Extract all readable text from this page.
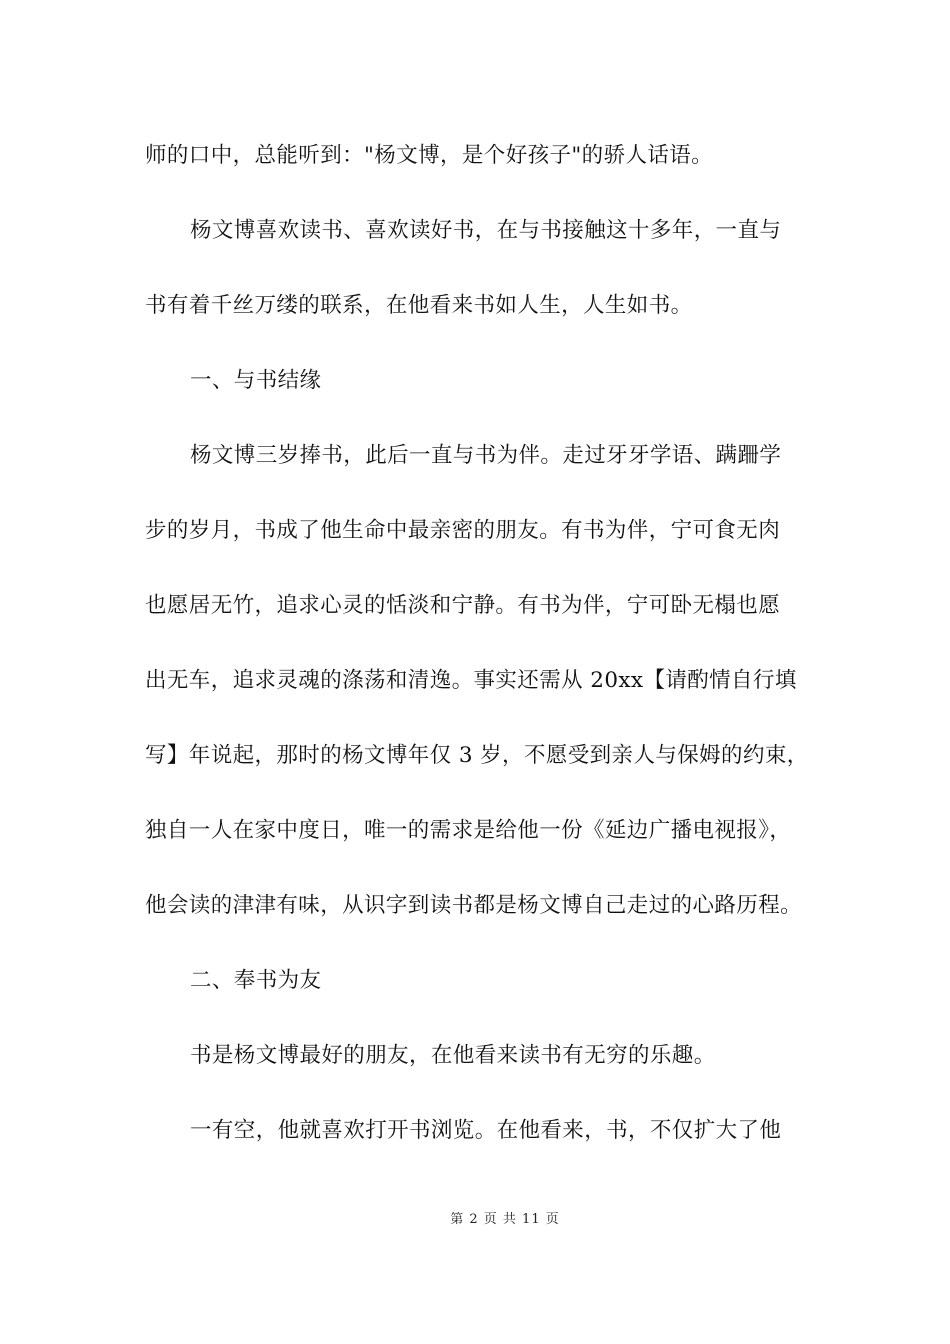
师的口中，总能听到："杨文博，是个好孩子"的骄人话语。
杨文博喜欢读书、喜欢读好书，在与书接触这十多年，一直与
书有着千丝万缕的联系，在他看来书如人生，人生如书。
一、与书结缘
杨文博三岁捧书，此后一直与书为伴。走过牙牙学语、蹒跚学
步的岁月，书成了他生命中最亲密的朋友。有书为伴，宁可食无肉
也愿居无竹，追求心灵的恬淡和宁静。有书为伴，宁可卧无榻也愿
出无车，追求灵魂的涤荡和清逸。事实还需从 20xx【请酌情自行填
写】年说起，那时的杨文博年仅 3 岁，不愿受到亲人与保姆的约束，
独自一人在家中度日，唯一的需求是给他一份《延边广播电视报》，
他会读的津津有味，从识字到读书都是杨文博自己走过的心路历程。
二、奉书为友
书是杨文博最好的朋友，在他看来读书有无穷的乐趣。
一有空，他就喜欢打开书浏览。在他看来，书，不仅扩大了他
第 2 页 共 11 页
